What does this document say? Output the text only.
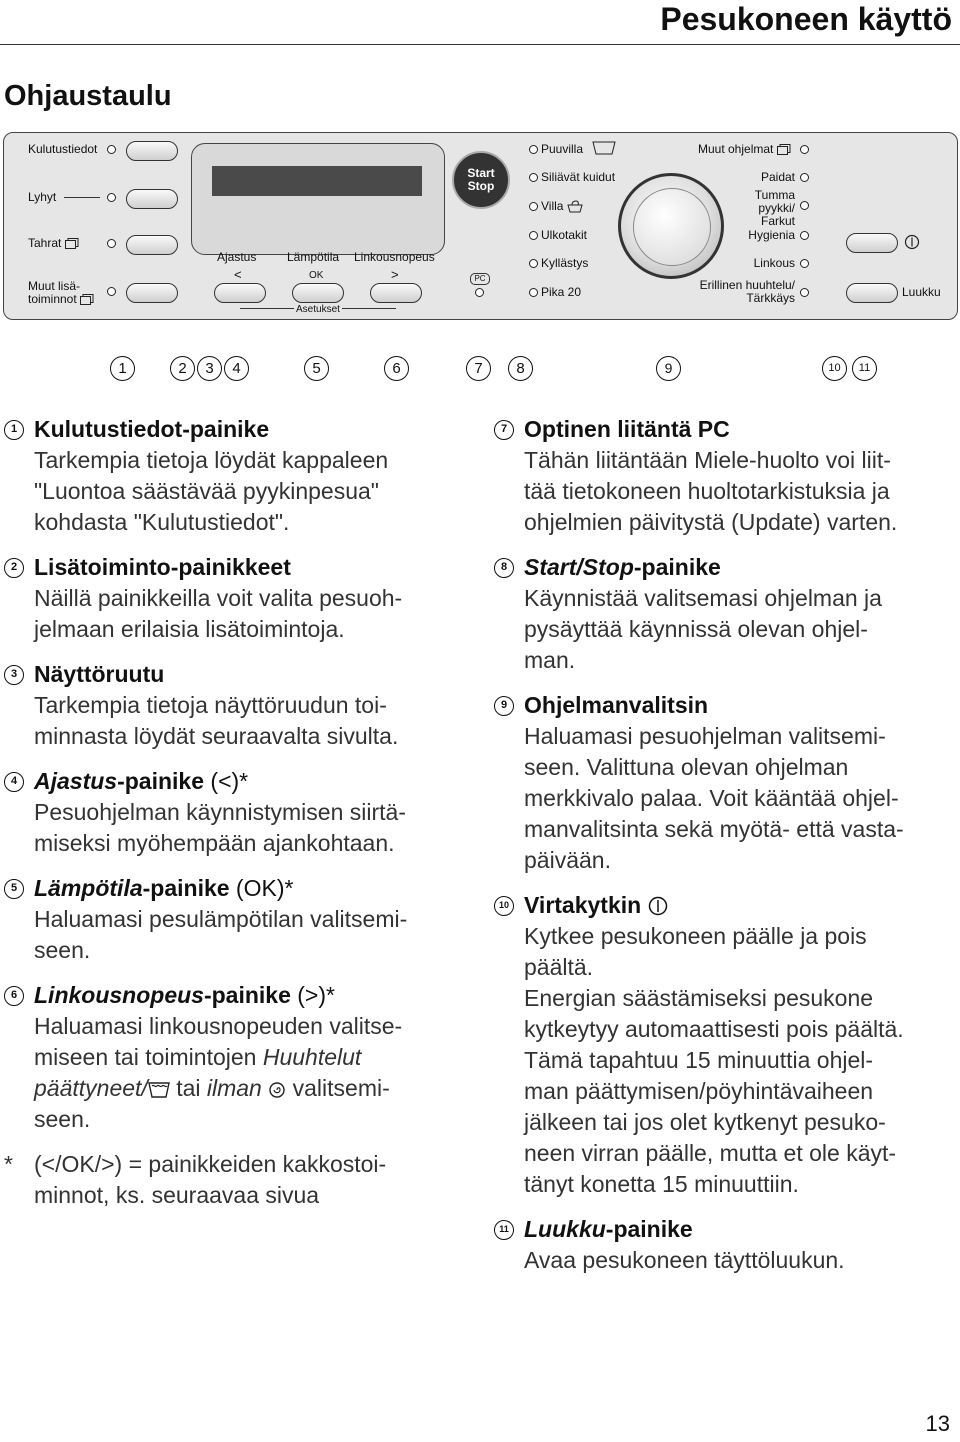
Pesukoneen käyttö
Ohjaustaulu
Kulutustiedot
Lyhyt
Tahrat
Muut lisä-
toiminnot
Ajastus	Lämpötila Linkousnopeus
<	OK	>
Asetukset
Start
Stop
PC
Puuvilla
Siliävät kuidut
Villa
Ulkotakit
Kyllästys
Pika 20
Muut ohjelmat
Paidat
Tumma
pyykki/
Farkut
Hygienia
Linkous
Erillinen huuhtelu/
Tärkkäys	Luukku
1	2	3	4	5	6	7	8	9	10	11
1 Kulutustiedot-painike
Tarkempia tietoja löydät kappaleen
"Luontoa säästävää pyykinpesua"
kohdasta "Kulutustiedot".
2 Lisätoiminto-painikkeet
Näillä painikkeilla voit valita pesuoh-
jelmaan erilaisia lisätoimintoja.
3 Näyttöruutu
Tarkempia tietoja näyttöruudun toi-
minnasta löydät seuraavalta sivulta.
4 Ajastus-painike (<)*
Pesuohjelman käynnistymisen siirtä-
miseksi myöhempään ajankohtaan.
5 Lämpötila-painike (OK)*
Haluamasi pesulämpötilan valitsemi-
seen.
6 Linkousnopeus-painike (>)*
Haluamasi linkousnopeuden valitse-
miseen tai toimintojen Huuhtelut
päättyneet/ tai ilman  valitsemi-
seen.
* (</OK/>) = painikkeiden kakkostoi-
minnot, ks. seuraavaa sivua
7 Optinen liitäntä PC
Tähän liitäntään Miele-huolto voi liit-
tää tietokoneen huoltotarkistuksia ja
ohjelmien päivitystä (Update) varten.
8 Start/Stop-painike
Käynnistää valitsemasi ohjelman ja
pysäyttää käynnissä olevan ohjel-
man.
9 Ohjelmanvalitsin
Haluamasi pesuohjelman valitsemi-
seen. Valittuna olevan ohjelman
merkkivalo palaa. Voit kääntää ohjel-
manvalitsinta sekä myötä- että vasta-
päivään.
10 Virtakytkin
Kytkee pesukoneen päälle ja pois
päältä.
Energian säästämiseksi pesukone
kytkeytyy automaattisesti pois päältä.
Tämä tapahtuu 15 minuuttia ohjel-
man päättymisen/pöyhintävaiheen
jälkeen tai jos olet kytkenyt pesuko-
neen virran päälle, mutta et ole käyt-
tänyt konetta 15 minuuttiin.
11 Luukku-painike
Avaa pesukoneen täyttöluukun.
13
